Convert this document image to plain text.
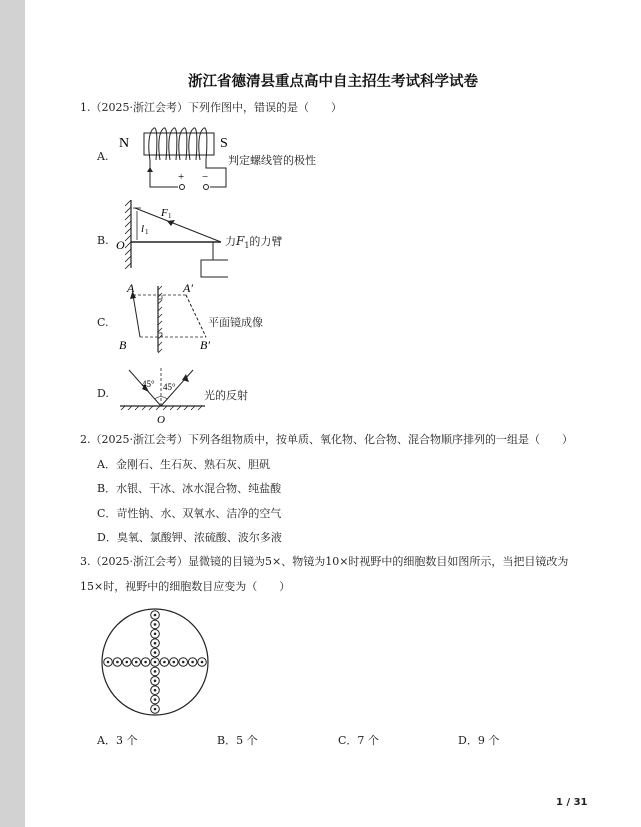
浙江省德清县重点高中自主招生考试科学试卷
1.（2025·浙江会考）下列作图中，错误的是（　　）
A.
N	S
+ −
判定螺线管的极性
B. O
l 1
F 1
力$F_1$的力臂
C.
A	A′
B	B′
平面镜成像
D.
45° 45°
O
光的反射
2.（2025·浙江会考）下列各组物质中，按单质、氧化物、化合物、混合物顺序排列的一组是（　　）
A．金刚石、生石灰、熟石灰、胆矾
B．水银、干冰、冰水混合物、纯盐酸
C．苛性钠、水、双氧水、洁净的空气
D．臭氧、氯酸钾、浓硫酸、波尔多液
3.（2025·浙江会考）显微镜的目镜为5×、物镜为10×时视野中的细胞数目如图所示，当把目镜改为
15×时，视野中的细胞数目应变为（　　）
A．3 个	B．5 个	C．7 个	D．9 个
1 / 31
